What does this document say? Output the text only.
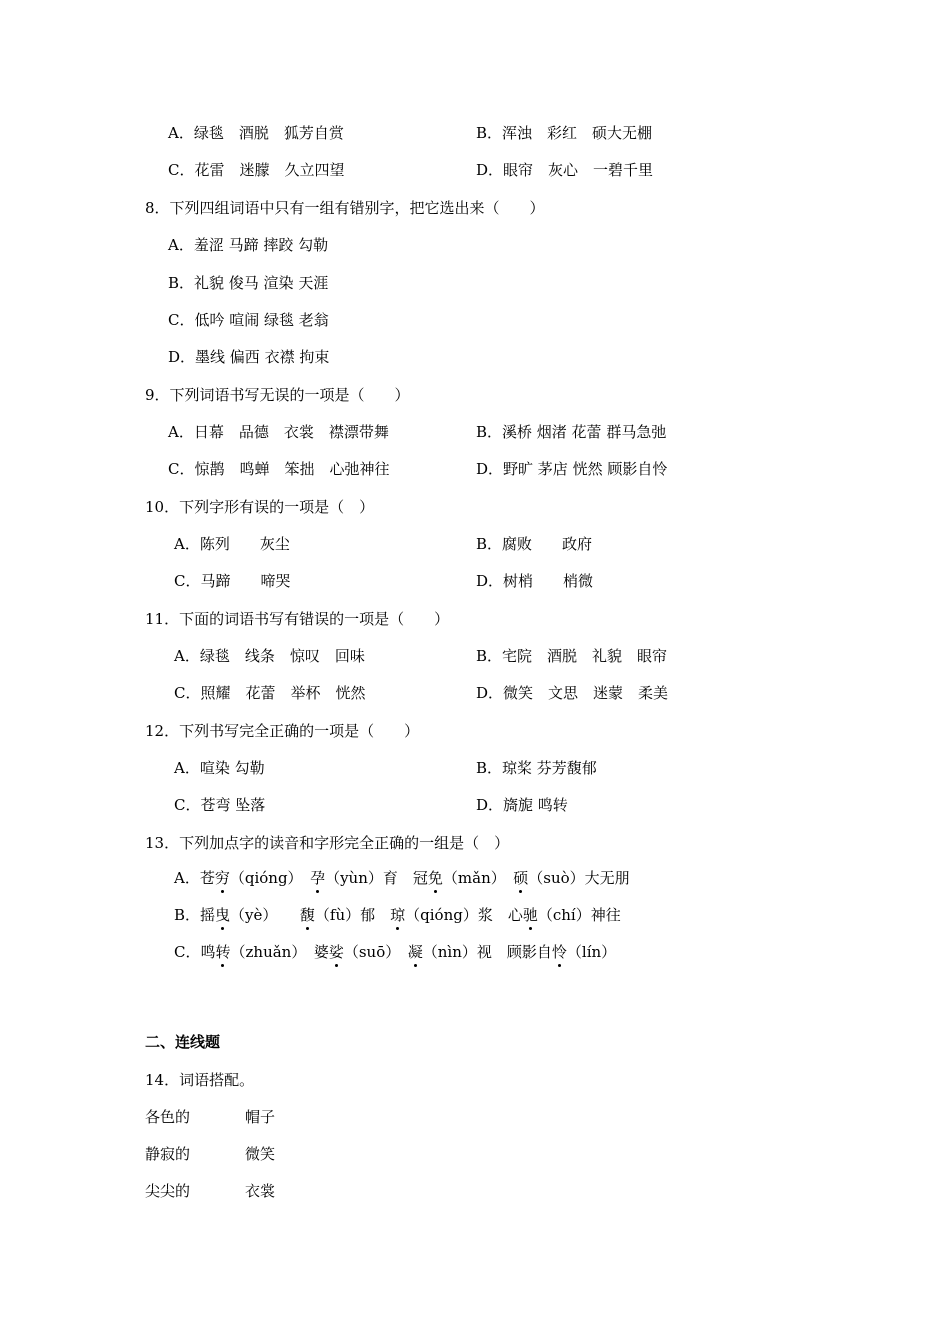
A．绿毯　酒脱　狐芳自赏	B．浑浊　彩红　硕大无棚
C．花雷　迷朦　久立四望	D．眼帘　灰心　一碧千里
8．下列四组词语中只有一组有错别字，把它选出来（　　）
A．羞涩 马蹄 摔跤 勾勒
B．礼貌 俊马 渲染 天涯
C．低吟 喧闹 绿毯 老翁
D．墨线 偏西 衣襟 拘束
9．下列词语书写无误的一项是（　　）
A．日幕　品德　衣裳　襟漂带舞	B．溪桥 烟渚 花蕾 群马急弛
C．惊鹊　鸣蝉　笨拙　心弛神往	D．野旷 茅店 恍然 顾影自怜
10．下列字形有误的一项是（　）
A．陈列　　灰尘	B．腐败　　政府
C．马蹄　　啼哭	D．树梢　　梢微
11．下面的词语书写有错误的一项是（　　）
A．绿毯　线条　惊叹　回味	B．宅院　酒脱　礼貌　眼帘
C．照耀　花蕾　举杯　恍然	D．微笑　文思　迷蒙　柔美
12．下列书写完全正确的一项是（　　）
A．喧染 勾勒	B．琼桨 芬芳馥郁
C．苍弯 坠落	D．旖旎 鸣转
13．下列加点字的读音和字形完全正确的一组是（　）
A．苍穷（qióng）　孕（yùn）育　冠免（mǎn）　硕（suò）大无朋
B．摇曳（yè）　　馥（fù）郁　琼（qióng）浆　心驰（chí）神往
C．鸣转（zhuǎn）　婆娑（suō）　凝（nìn）视　顾影自怜（lín）
二、连线题
14．词语搭配。
各色的	帽子
静寂的	微笑
尖尖的	衣裳
